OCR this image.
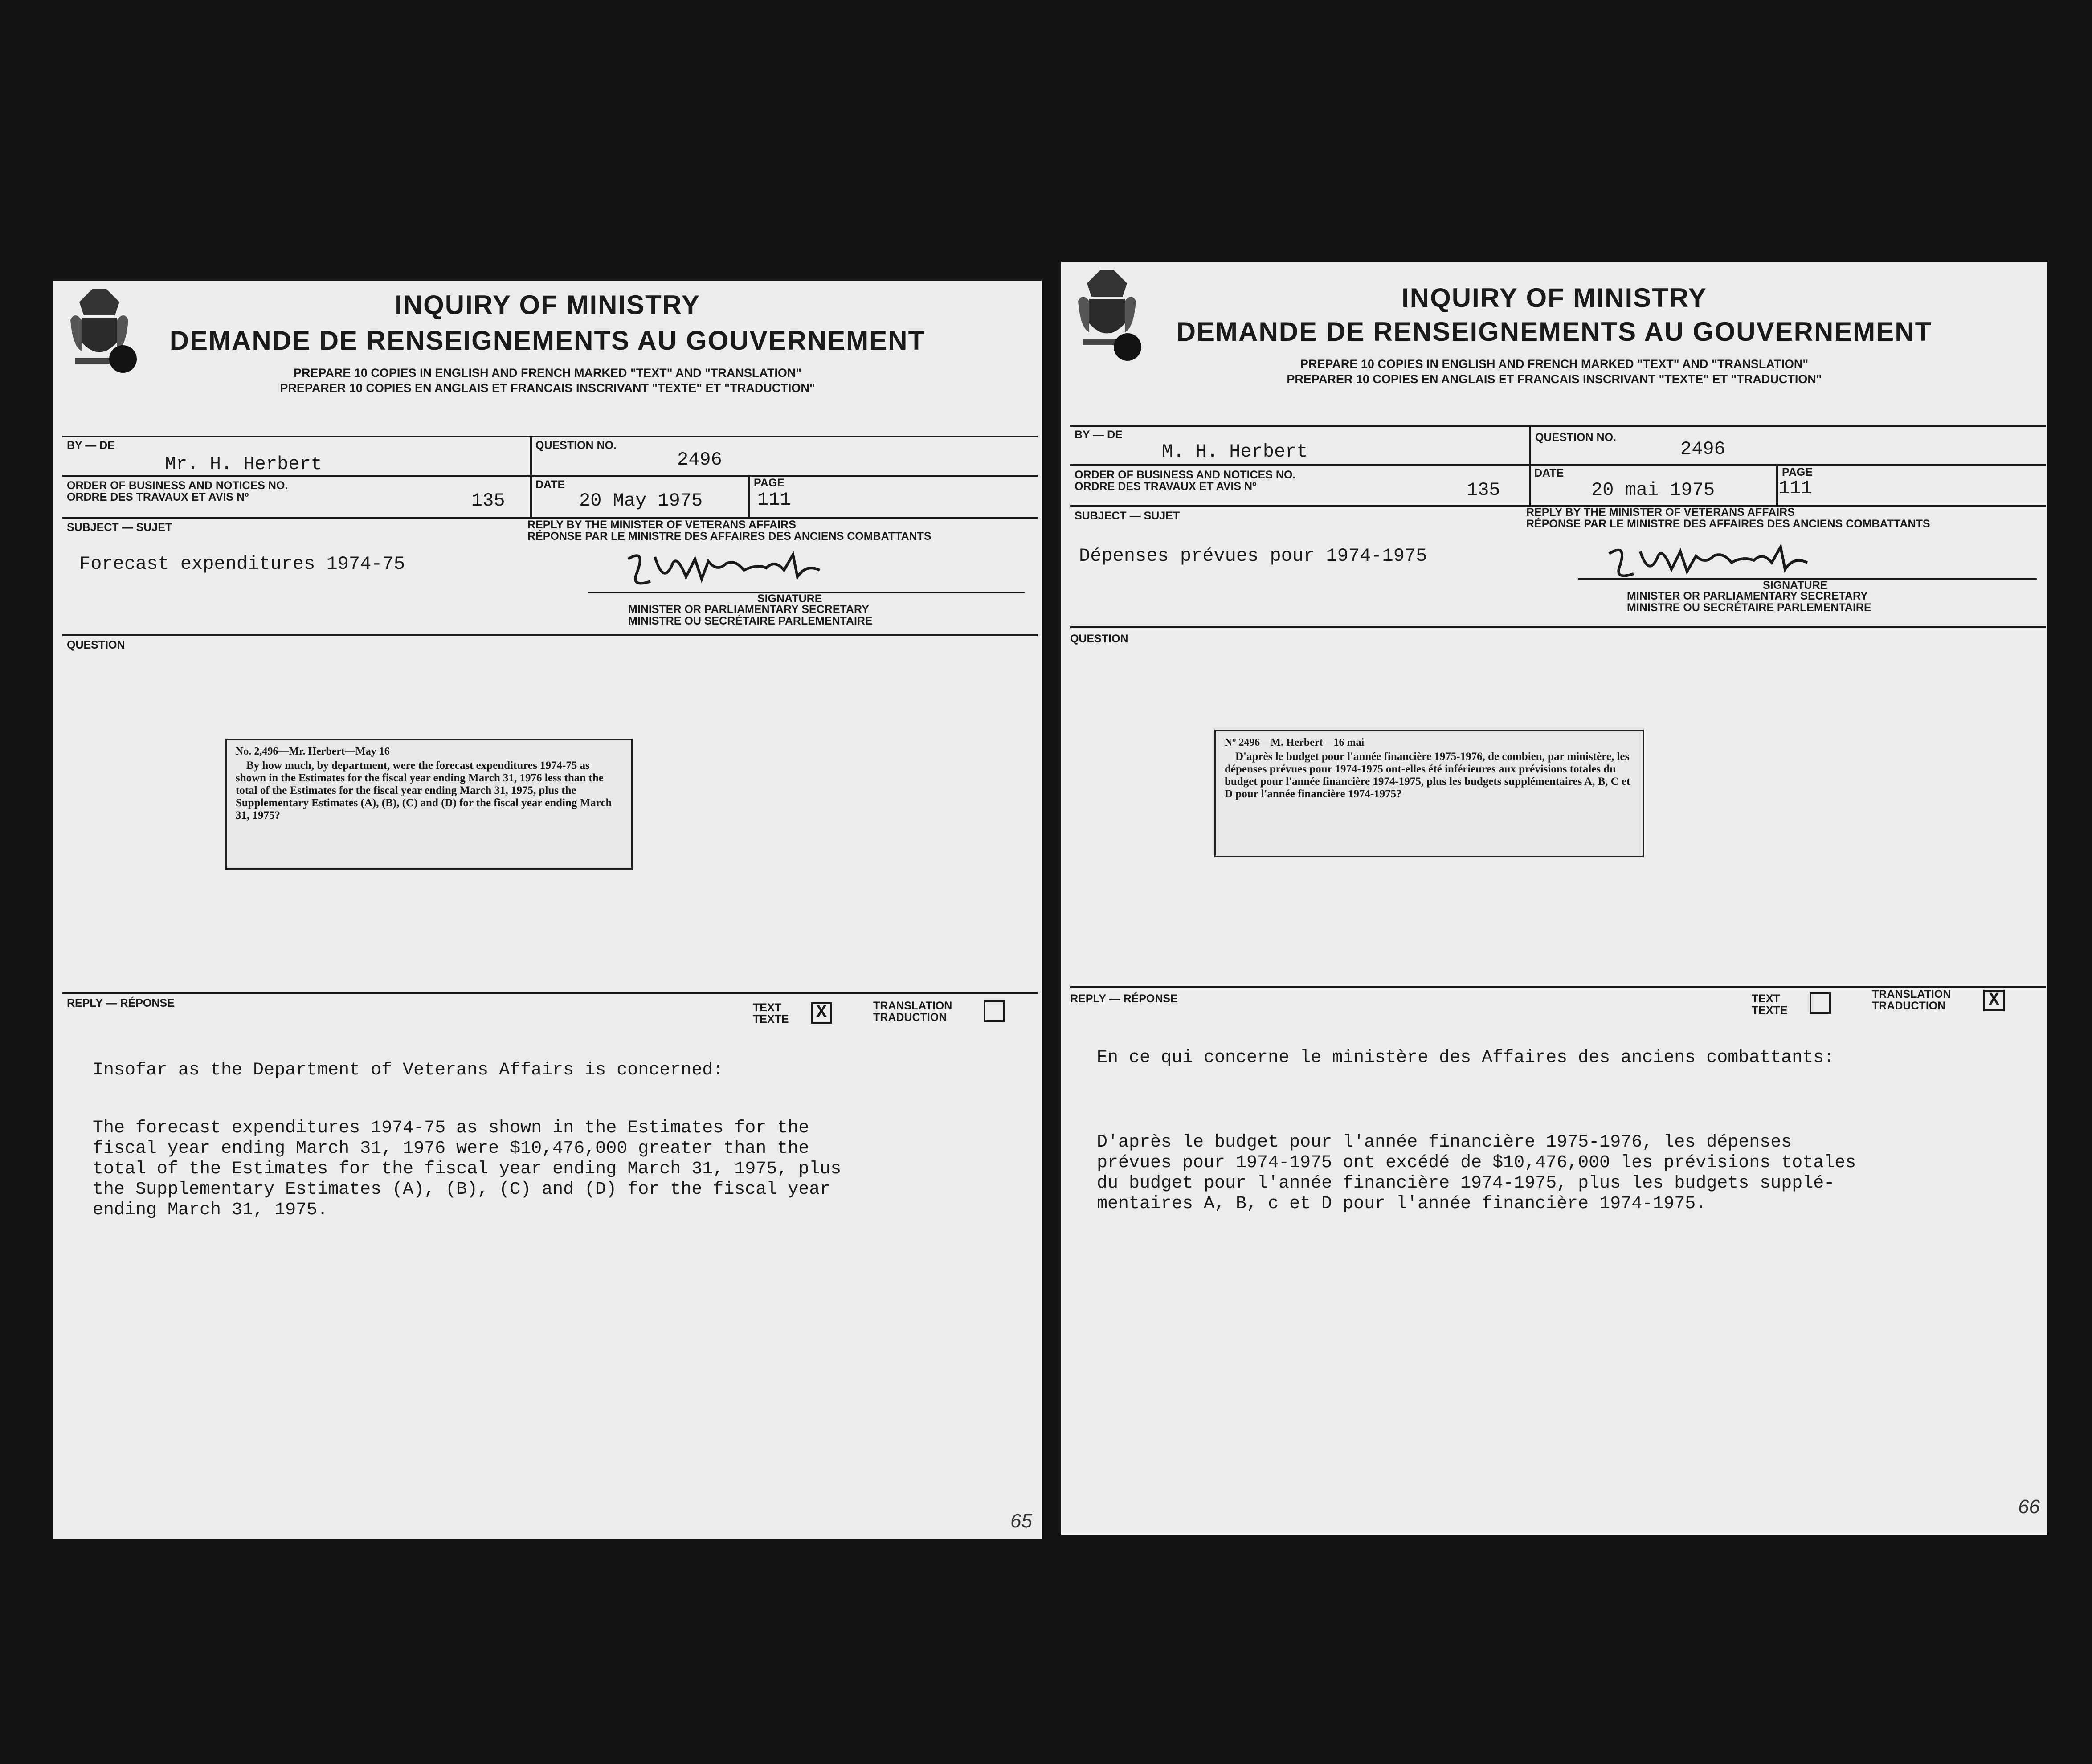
INQUIRY OF MINISTRY
DEMANDE DE RENSEIGNEMENTS AU GOUVERNEMENT
PREPARE 10 COPIES IN ENGLISH AND FRENCH MARKED "TEXT" AND "TRANSLATION"
PREPARER 10 COPIES EN ANGLAIS ET FRANCAIS INSCRIVANT "TEXTE" ET "TRADUCTION"
BY — DE
Mr. H. Herbert
QUESTION NO.
2496
ORDER OF BUSINESS AND NOTICES NO.
ORDRE DES TRAVAUX ET AVIS Nº	135
DATE
20 May 1975
PAGE
111
SUBJECT — SUJET	REPLY BY THE MINISTER OF VETERANS AFFAIRS
RÉPONSE PAR LE MINISTRE DES AFFAIRES DES ANCIENS COMBATTANTS
Forecast expenditures 1974-75
SIGNATURE
MINISTER OR PARLIAMENTARY SECRETARY
MINISTRE OU SECRÉTAIRE PARLEMENTAIRE
QUESTION
No. 2,496—Mr. Herbert—May 16
By how much, by department, were the forecast expenditures 1974-75 as shown in the Estimates for the fiscal year ending March 31, 1976 less than the total of the Estimates for the fiscal year ending March 31, 1975, plus the Supplementary Estimates (A), (B), (C) and (D) for the fiscal year ending March 31, 1975?
REPLY — RÉPONSE	TEXT
TEXTE X	TRANSLATION
TRADUCTION
Insofar as the Department of Veterans Affairs is concerned:
The forecast expenditures 1974-75 as shown in the Estimates for the
fiscal year ending March 31, 1976 were $10,476,000 greater than the
total of the Estimates for the fiscal year ending March 31, 1975, plus
the Supplementary Estimates (A), (B), (C) and (D) for the fiscal year
ending March 31, 1975.
65
INQUIRY OF MINISTRY
DEMANDE DE RENSEIGNEMENTS AU GOUVERNEMENT
PREPARE 10 COPIES IN ENGLISH AND FRENCH MARKED "TEXT" AND "TRANSLATION"
PREPARER 10 COPIES EN ANGLAIS ET FRANCAIS INSCRIVANT "TEXTE" ET "TRADUCTION"
BY — DE
M. H. Herbert
QUESTION NO.
2496
ORDER OF BUSINESS AND NOTICES NO.
ORDRE DES TRAVAUX ET AVIS Nº	135
DATE
20 mai 1975
PAGE
111
SUBJECT — SUJET	REPLY BY THE MINISTER OF VETERANS AFFAIRS
RÉPONSE PAR LE MINISTRE DES AFFAIRES DES ANCIENS COMBATTANTS
Dépenses prévues pour 1974-1975
SIGNATURE
MINISTER OR PARLIAMENTARY SECRETARY
MINISTRE OU SECRÉTAIRE PARLEMENTAIRE
QUESTION
Nº 2496—M. Herbert—16 mai
D'après le budget pour l'année financière 1975-1976, de combien, par ministère, les dépenses prévues pour 1974-1975 ont-elles été inférieures aux prévisions totales du budget pour l'année financière 1974-1975, plus les budgets supplémentaires A, B, C et D pour l'année financière 1974-1975?
REPLY — RÉPONSE	TEXT
TEXTE
TRANSLATION
TRADUCTION X
En ce qui concerne le ministère des Affaires des anciens combattants:
D'après le budget pour l'année financière 1975-1976, les dépenses
prévues pour 1974-1975 ont excédé de $10,476,000 les prévisions totales
du budget pour l'année financière 1974-1975, plus les budgets supplé-
mentaires A, B, c et D pour l'année financière 1974-1975.
66
